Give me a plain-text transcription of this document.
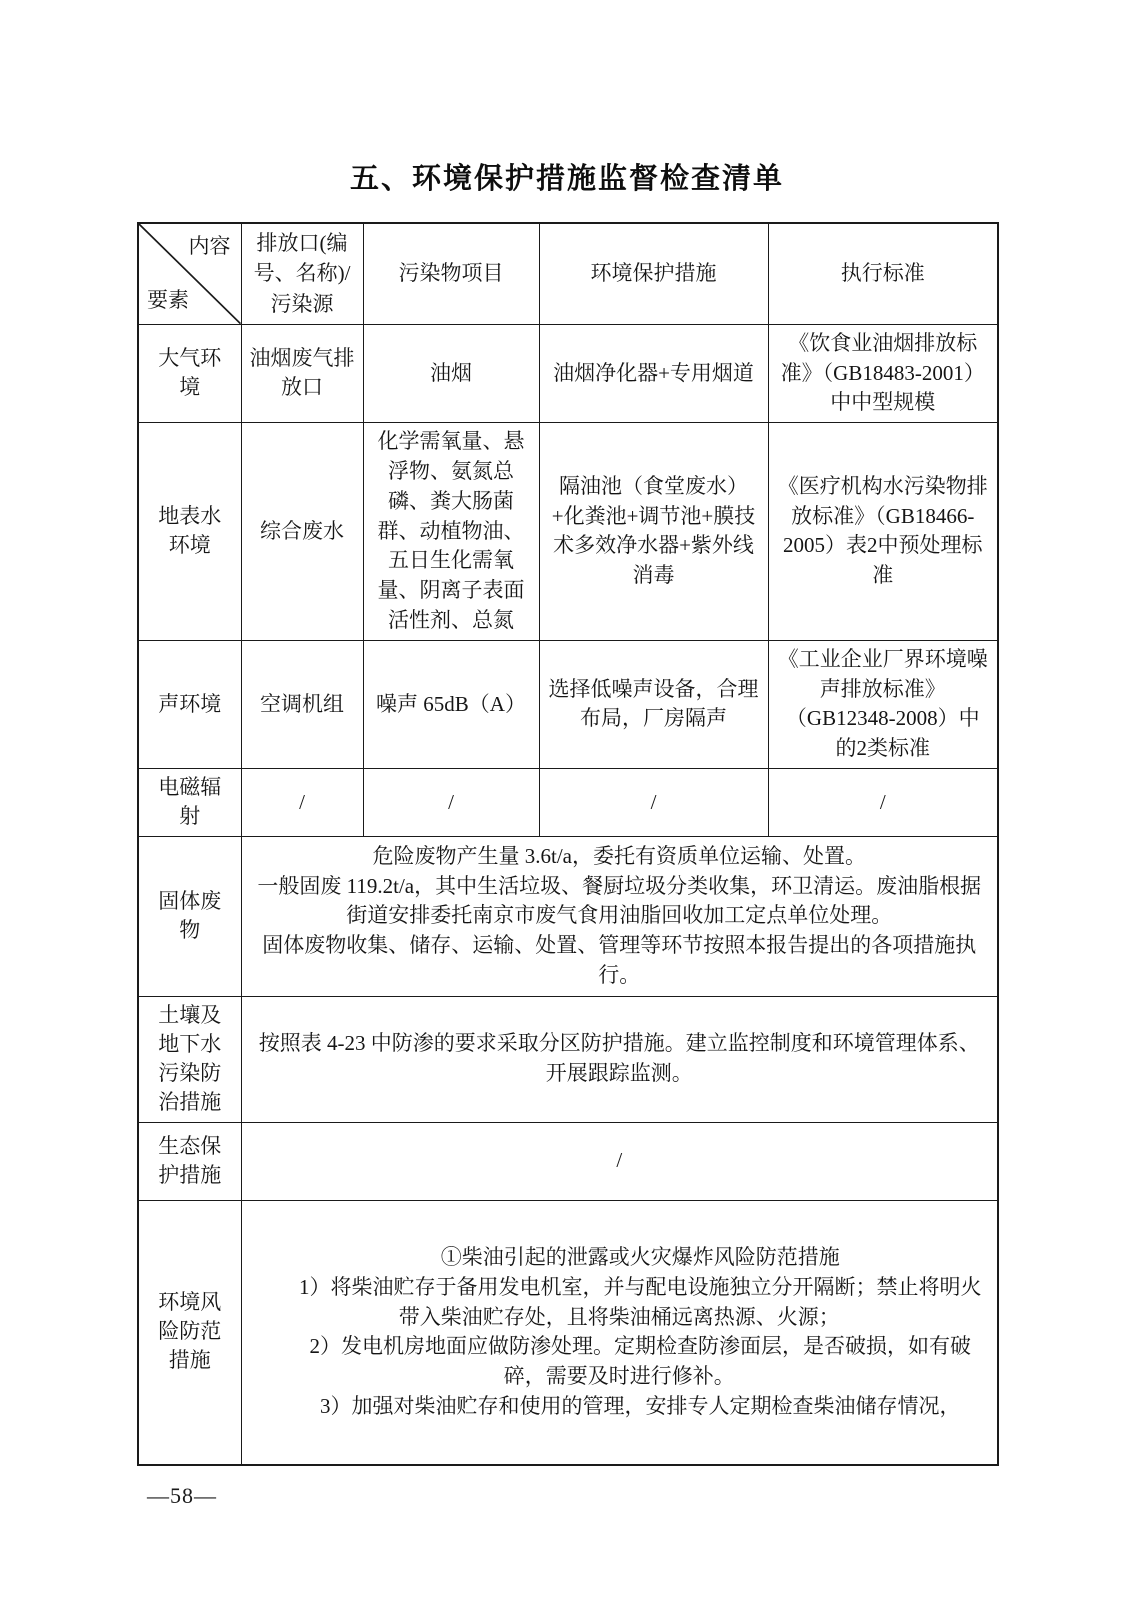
五、环境保护措施监督检查清单
内容
要素	排放口(编号、名称)/污染源	污染物项目	环境保护措施	执行标准
大气环境	油烟废气排放口	油烟	油烟净化器+专用烟道	《饮食业油烟排放标准》（GB18483-2001）中中型规模
地表水环境	综合废水	化学需氧量、悬浮物、氨氮总磷、粪大肠菌群、动植物油、五日生化需氧量、阴离子表面活性剂、总氮	隔油池（食堂废水）+化粪池+调节池+膜技术多效净水器+紫外线消毒	《医疗机构水污染物排放标准》（GB18466-2005）表2中预处理标准
声环境	空调机组	噪声 65dB（A）	选择低噪声设备，合理布局，厂房隔声	《工业企业厂界环境噪声排放标准》（GB12348-2008）中的2类标准
电磁辐射	/	/	/	/
固体废物	危险废物产生量 3.6t/a，委托有资质单位运输、处置。
一般固废 119.2t/a，其中生活垃圾、餐厨垃圾分类收集，环卫清运。废油脂根据街道安排委托南京市废气食用油脂回收加工定点单位处理。
固体废物收集、储存、运输、处置、管理等环节按照本报告提出的各项措施执行。			

土壤及地下水污染防治措施	按照表 4-23 中防渗的要求采取分区防护措施。建立监控制度和环境管理体系、开展跟踪监测。			
生态保护措施	/			
环境风险防范措施	①柴油引起的泄露或火灾爆炸风险防范措施
1）将柴油贮存于备用发电机室，并与配电设施独立分开隔断；禁止将明火带入柴油贮存处，且将柴油桶远离热源、火源；
2）发电机房地面应做防渗处理。定期检查防渗面层，是否破损，如有破碎，需要及时进行修补。
3）加强对柴油贮存和使用的管理，安排专人定期检查柴油储存情况，			
—58—
